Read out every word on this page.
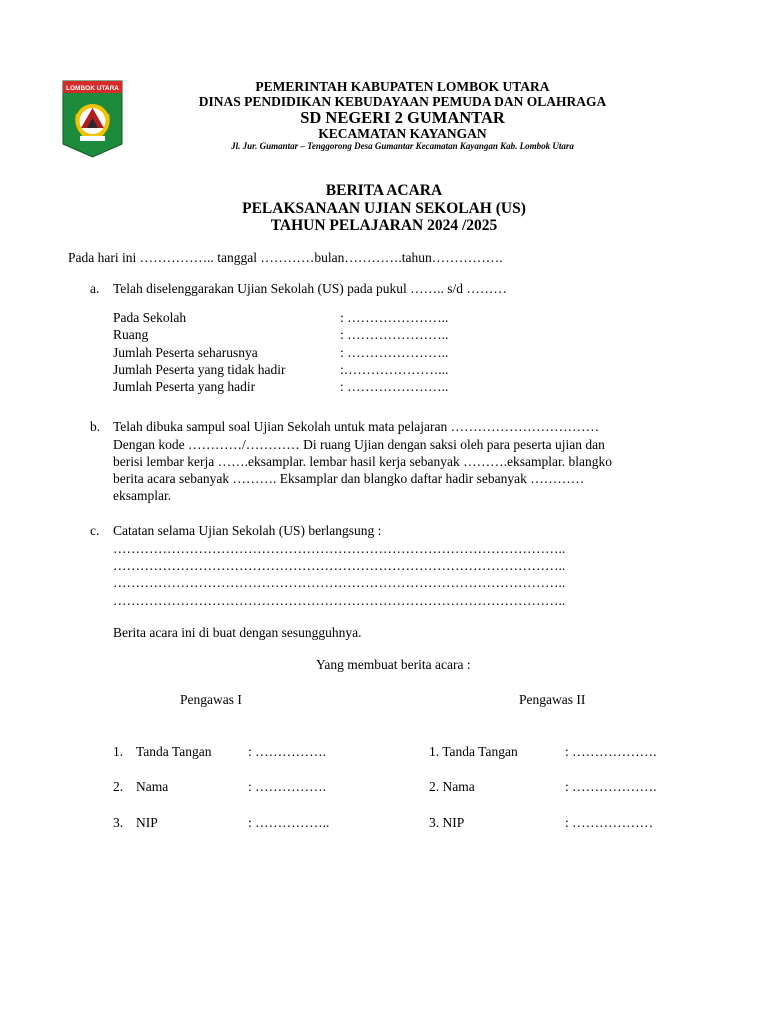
LOMBOK UTARA	PEMERINTAH KABUPATEN LOMBOK UTARA
DINAS PENDIDIKAN KEBUDAYAAN PEMUDA DAN OLAHRAGA
SD NEGERI 2 GUMANTAR
KECAMATAN KAYANGAN
Jl. Jur. Gumantar – Tenggorong Desa Gumantar Kecamatan Kayangan Kab. Lombok Utara
BERITA ACARA
PELAKSANAAN UJIAN SEKOLAH (US)
TAHUN PELAJARAN 2024 /2025
Pada hari ini …………….. tanggal …………bulan………….tahun…………….
a. Telah diselenggarakan Ujian Sekolah (US) pada pukul …….. s/d ………
Pada Sekolah	: …………………..
Ruang	: …………………..
Jumlah Peserta seharusnya	: …………………..
Jumlah Peserta yang tidak hadir	:…………………...
Jumlah Peserta yang hadir	: …………………..
b. Telah dibuka sampul soal Ujian Sekolah untuk mata pelajaran ……………………………
Dengan kode …………/………… Di ruang Ujian dengan saksi oleh para peserta ujian dan
berisi lembar kerja …….eksamplar. lembar hasil kerja sebanyak ……….eksamplar. blangko
berita acara sebanyak ………. Eksamplar dan blangko daftar hadir sebanyak …………
eksamplar.
c. Catatan selama Ujian Sekolah (US) berlangsung :
………………………………………………………………………………………..
………………………………………………………………………………………..
………………………………………………………………………………………..
………………………………………………………………………………………..
Berita acara ini di buat dengan sesungguhnya.
Yang membuat berita acara :
Pengawas I	Pengawas II
1. Tanda Tangan	: …………….	1. Tanda Tangan	: ……………….
2. Nama	: …………….	2. Nama	: ……………….
3. NIP	: ……………..	3. NIP	: ………………
